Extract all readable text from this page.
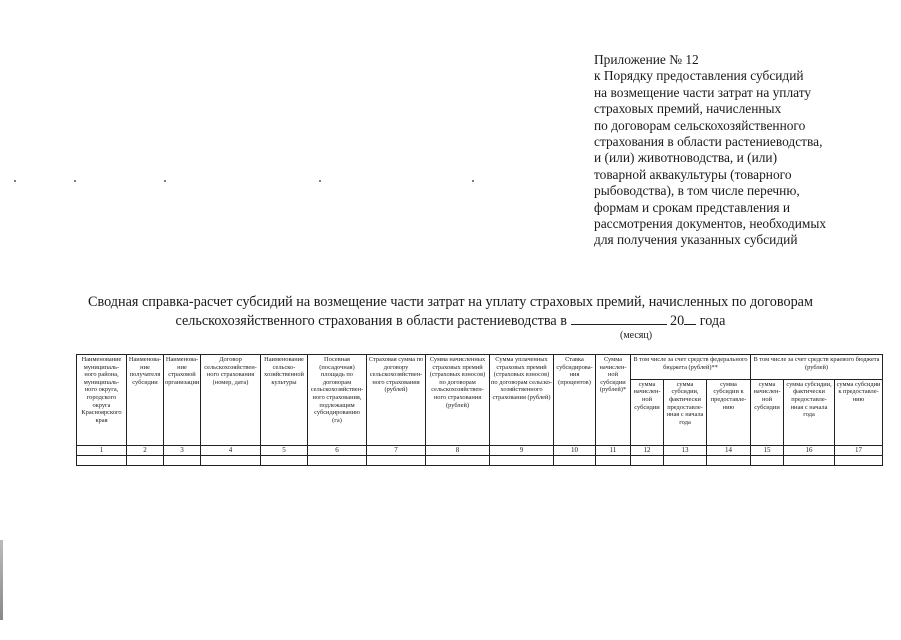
Приложение № 12
к Порядку предоставления субсидий
на возмещение части затрат на уплату
страховых премий, начисленных
по договорам сельскохозяйственного
страхования в области растениеводства,
и (или) животноводства, и (или)
товарной аквакультуры (товарного
рыбоводства), в том числе перечню,
формам и срокам представления и
рассмотрения документов, необходимых
для получения указанных субсидий
Сводная справка-расчет субсидий на возмещение части затрат на уплату страховых премий, начисленных по договорам
сельскохозяйственного страхования в области растениеводства в	20 года
(месяц)
Наименование муниципаль-ного района, муниципаль-ного округа, городского округа Красноярского края	Наименова-ние получателя субсидии	Наименова-ние страховой организации	Договор сельскохозяйствен-ного страхования (номер, дата)	Наименование сельско-хозяйственной культуры	Посевная (посадочная) площадь по договорам сельскохозяйствен-ного страхования, подлежащим субсидированию (га)	Страховая сумма по договору сельскохозяйствен-ного страхования (рублей)	Сумма начисленных страховых премий (страховых взносов) по договорам сельскохозяйствен-ного страхования (рублей)	Сумма уплаченных страховых премий (страховых взносов) по договорам сельско-хозяйственного страхования (рублей)	Ставка субсидирова-ния (процентов)	Сумма начислен-ной субсидии (рублей)*	В том числе за счет средств федерального бюджета (рублей)**			В том числе за счет средств краевого бюджета (рублей)		
											сумма начислен-ной субсидии	сумма субсидии, фактически предоставле-нная с начала года	сумма субсидии к предоставле-нию	сумма начислен-ной субсидии	сумма субсидии, фактически предоставле-нная с начала года	сумма субсидии к предоставле-нию
1	2	3	4	5	6	7	8	9	10	11	12	13	14	15	16	17
